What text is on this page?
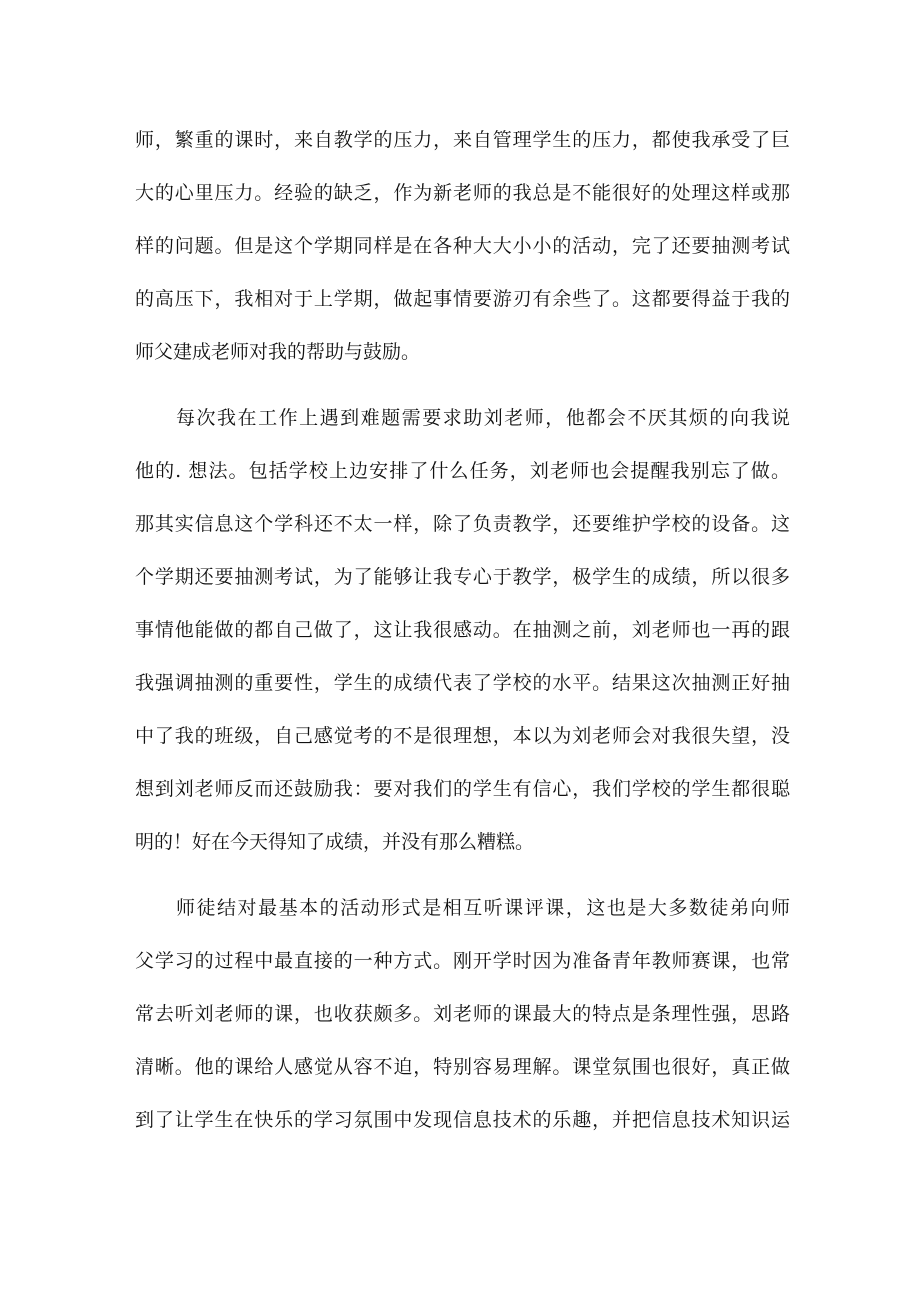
师，繁重的课时，来自教学的压力，来自管理学生的压力，都使我承受了巨
大的心里压力。经验的缺乏，作为新老师的我总是不能很好的处理这样或那
样的问题。但是这个学期同样是在各种大大小小的活动，完了还要抽测考试
的高压下，我相对于上学期，做起事情要游刃有余些了。这都要得益于我的
师父建成老师对我的帮助与鼓励。
每次我在工作上遇到难题需要求助刘老师，他都会不厌其烦的向我说
他的. 想法。包括学校上边安排了什么任务，刘老师也会提醒我别忘了做。
那其实信息这个学科还不太一样，除了负责教学，还要维护学校的设备。这
个学期还要抽测考试，为了能够让我专心于教学，极学生的成绩，所以很多
事情他能做的都自己做了，这让我很感动。在抽测之前，刘老师也一再的跟
我强调抽测的重要性，学生的成绩代表了学校的水平。结果这次抽测正好抽
中了我的班级，自己感觉考的不是很理想，本以为刘老师会对我很失望，没
想到刘老师反而还鼓励我：要对我们的学生有信心，我们学校的学生都很聪
明的！好在今天得知了成绩，并没有那么糟糕。
师徒结对最基本的活动形式是相互听课评课，这也是大多数徒弟向师
父学习的过程中最直接的一种方式。刚开学时因为准备青年教师赛课，也常
常去听刘老师的课，也收获颇多。刘老师的课最大的特点是条理性强，思路
清晰。他的课给人感觉从容不迫，特别容易理解。课堂氛围也很好，真正做
到了让学生在快乐的学习氛围中发现信息技术的乐趣，并把信息技术知识运
